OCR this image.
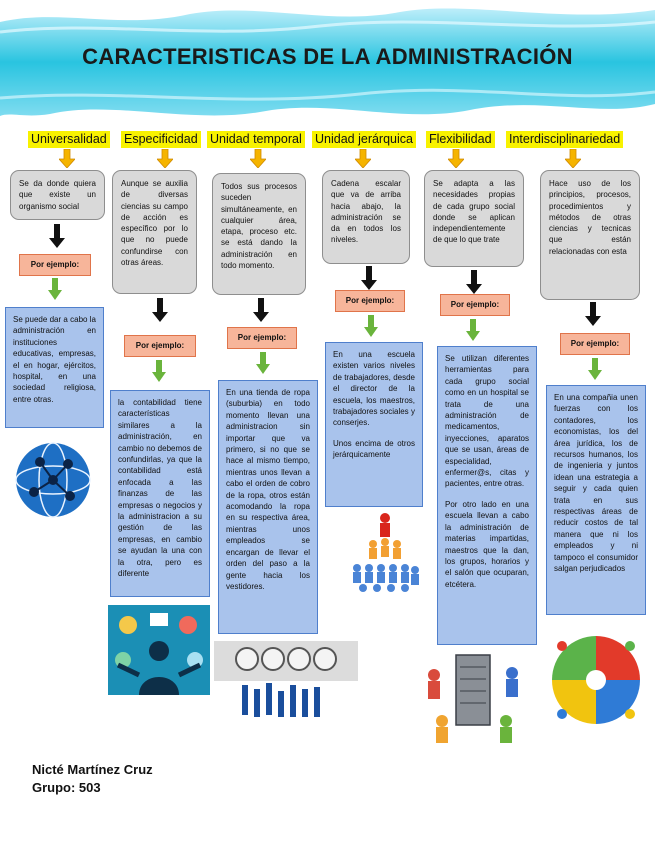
CARACTERISTICAS DE LA ADMINISTRACIÓN
Universalidad Especificidad Unidad temporal Unidad jerárquica Flexibilidad Interdisciplinariedad
Se da donde quiera que existe un organismo social
Aunque se auxilia de diversas ciencias su campo de acción es específico por lo que no puede confundirse con otras áreas.
Todos sus procesos suceden simultáneamente, en cualquier área, etapa, proceso etc. se está dando la administración en todo momento.
Cadena escalar que va de arriba hacia abajo, la administración se da en todos los niveles.
Se adapta a las necesidades propias de cada grupo social donde se aplican independientemente de que lo que trate
Hace uso de los principios, procesos, procedimientos y métodos de otras ciencias y tecnicas que están relacionadas con esta
Por ejemplo:
Por ejemplo:
Por ejemplo:
Por ejemplo:	Por ejemplo:
Por ejemplo:

Se puede dar a cabo la administración en instituciones educativas, empresas, el en hogar, ejércitos, hospital, en una sociedad religiosa, entre otras.	la contabilidad tiene características similares a la administración, en cambio no debemos de confundirlas, ya que la contabilidad está enfocada a las finanzas de las empresas o negocios y la administracion a su gestión de las empresas, en cambio se ayudan la una con la otra, pero es diferente

En una tienda de ropa (suburbia) en todo momento llevan una administracion sin importar que va primero, si no que se hace al mismo tiempo, mientras unos llevan a cabo el orden de cobro de la ropa, otros están acomodando la ropa en su respectiva área, mientras unos empleados se encargan de llevar el orden del paso a la gente hacia los vestidores.

En una escuela existen varios niveles de trabajadores, desde el director de la escuela, los maestros, trabajadores sociales y conserjes.

Unos encima de otros jerárquicamente

Se utilizan diferentes herramientas para cada grupo social como en un hospital se trata de una administración de medicamentos, inyecciones, aparatos que se usan, áreas de especialidad, enfermer@s, citas y pacientes, entre otras.

Por otro lado en una escuela llevan a cabo la administración de materias impartidas, maestros que la dan, los grupos, horarios y el salón que ocuparan, etcétera.

En una compañia unen fuerzas con los contadores, los economistas, los del área jurídica, los de recursos humanos, los de ingenieria y juntos idean una estrategia a seguir y cada quien trata en sus respectivas áreas de reducir costos de tal manera que ni los empleados y ni tampoco el consumidor salgan perjudicados

Nicté Martínez Cruz
Grupo: 503
